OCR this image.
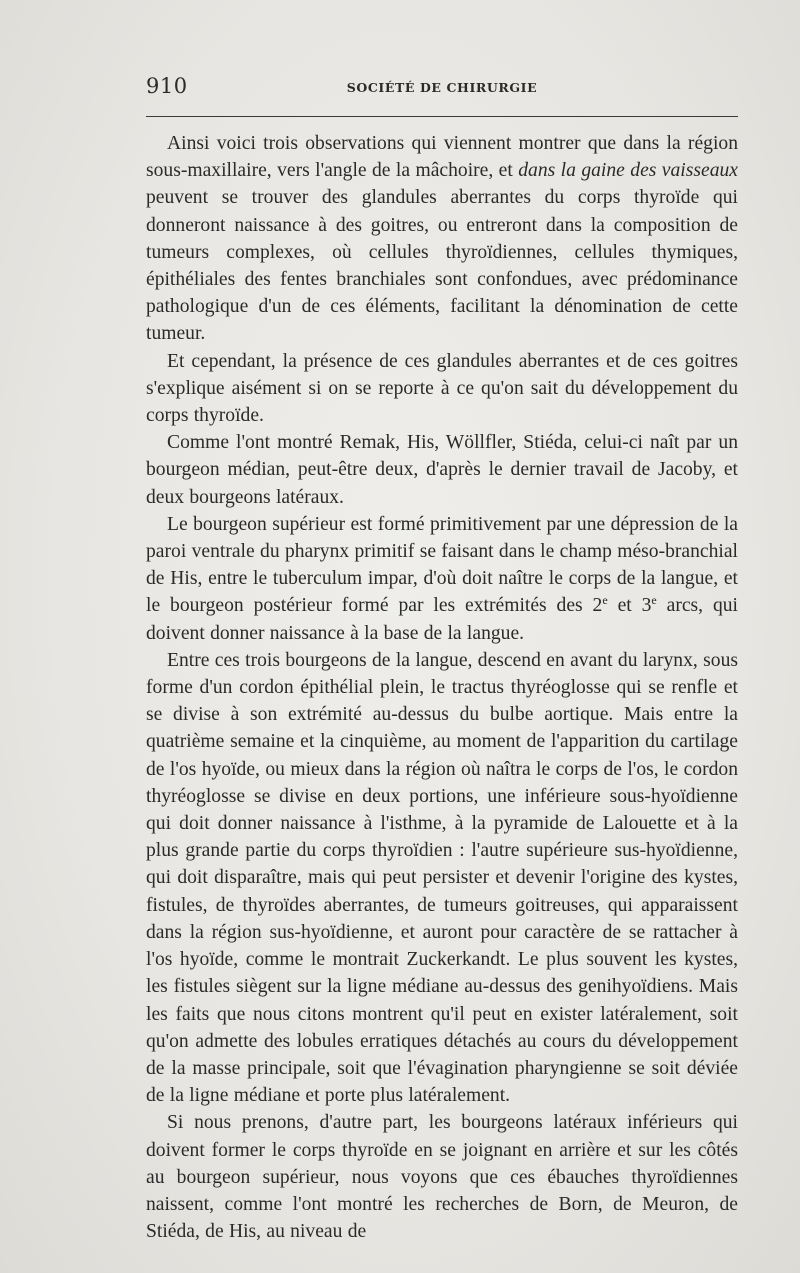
910	SOCIÉTÉ DE CHIRURGIE

Ainsi voici trois observations qui viennent montrer que dans la région sous-maxillaire, vers l'angle de la mâchoire, et dans la gaine des vaisseaux peuvent se trouver des glandules aberrantes du corps thyroïde qui donneront naissance à des goitres, ou entreront dans la composition de tumeurs complexes, où cellules thyroïdiennes, cellules thymiques, épithéliales des fentes branchiales sont confondues, avec prédominance pathologique d'un de ces éléments, facilitant la dénomination de cette tumeur.

Et cependant, la présence de ces glandules aberrantes et de ces goitres s'explique aisément si on se reporte à ce qu'on sait du développement du corps thyroïde.

Comme l'ont montré Remak, His, Wöllfler, Stiéda, celui-ci naît par un bourgeon médian, peut-être deux, d'après le dernier travail de Jacoby, et deux bourgeons latéraux.

Le bourgeon supérieur est formé primitivement par une dépression de la paroi ventrale du pharynx primitif se faisant dans le champ méso-branchial de His, entre le tuberculum impar, d'où doit naître le corps de la langue, et le bourgeon postérieur formé par les extrémités des 2e et 3e arcs, qui doivent donner naissance à la base de la langue.

Entre ces trois bourgeons de la langue, descend en avant du larynx, sous forme d'un cordon épithélial plein, le tractus thyréoglosse qui se renfle et se divise à son extrémité au-dessus du bulbe aortique. Mais entre la quatrième semaine et la cinquième, au moment de l'apparition du cartilage de l'os hyoïde, ou mieux dans la région où naîtra le corps de l'os, le cordon thyréoglosse se divise en deux portions, une inférieure sous-hyoïdienne qui doit donner naissance à l'isthme, à la pyramide de Lalouette et à la plus grande partie du corps thyroïdien : l'autre supérieure sus-hyoïdienne, qui doit disparaître, mais qui peut persister et devenir l'origine des kystes, fistules, de thyroïdes aberrantes, de tumeurs goitreuses, qui apparaissent dans la région sus-hyoïdienne, et auront pour caractère de se rattacher à l'os hyoïde, comme le montrait Zuckerkandt. Le plus souvent les kystes, les fistules siègent sur la ligne médiane au-dessus des genihyoïdiens. Mais les faits que nous citons montrent qu'il peut en exister latéralement, soit qu'on admette des lobules erratiques détachés au cours du développement de la masse principale, soit que l'évagination pharyngienne se soit déviée de la ligne médiane et porte plus latéralement.

Si nous prenons, d'autre part, les bourgeons latéraux inférieurs qui doivent former le corps thyroïde en se joignant en arrière et sur les côtés au bourgeon supérieur, nous voyons que ces ébauches thyroïdiennes naissent, comme l'ont montré les recherches de Born, de Meuron, de Stiéda, de His, au niveau de
